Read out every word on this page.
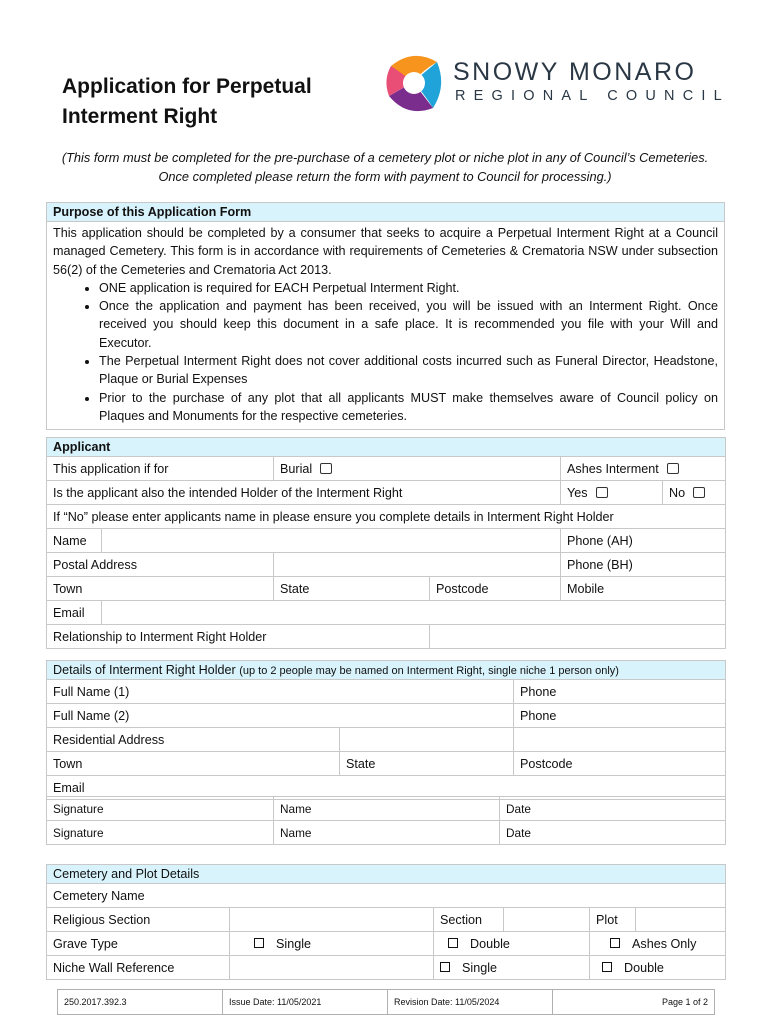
Application for Perpetual
Interment Right
SNOWY MONARO
REGIONAL COUNCIL
(This form must be completed for the pre-purchase of a cemetery plot or niche plot in any of Council’s Cemeteries. Once completed please return the form with payment to Council for processing.)
Purpose of this Application Form

This application should be completed by a consumer that seeks to acquire a Perpetual Interment Right at a Council managed Cemetery. This form is in accordance with requirements of Cemeteries & Crematoria NSW under subsection 56(2) of the Cemeteries and Crematoria Act 2013.
• ONE application is required for EACH Perpetual Interment Right.
• Once the application and payment has been received, you will be issued with an Interment Right. Once received you should keep this document in a safe place. It is recommended you file with your Will and Executor.
• The Perpetual Interment Right does not cover additional costs incurred such as Funeral Director, Headstone, Plaque or Burial Expenses
• Prior to the purchase of any plot that all applicants MUST make themselves aware of Council policy on Plaques and Monuments for the respective cemeteries.
Applicant					
This application if for		Burial		Ashes Interment	
Is the applicant also the intended Holder of the Interment Right				Yes	No
If “No” please enter applicants name in please ensure you complete details in Interment Right Holder					
Name				Phone (AH)	
Postal Address				Phone (BH)	
Town		State	Postcode	Mobile	
Email					
Relationship to Interment Right Holder					
Details of Interment Right Holder (up to 2 people may be named on Interment Right, single niche 1 person only)		
Full Name (1)		Phone
Full Name (2)		Phone
Residential Address		
Town	State	Postcode
Email		
Signature	Name	Date
Signature	Name	Date
Cemetery and Plot Details					
Cemetery Name					
Religious Section		Section		Plot	
Grave Type	Single	Double		Ashes Only	
Niche Wall Reference		Single		Double	
250.2017.392.3	Issue Date: 11/05/2021	Revision Date: 11/05/2024	Page 1 of 2
